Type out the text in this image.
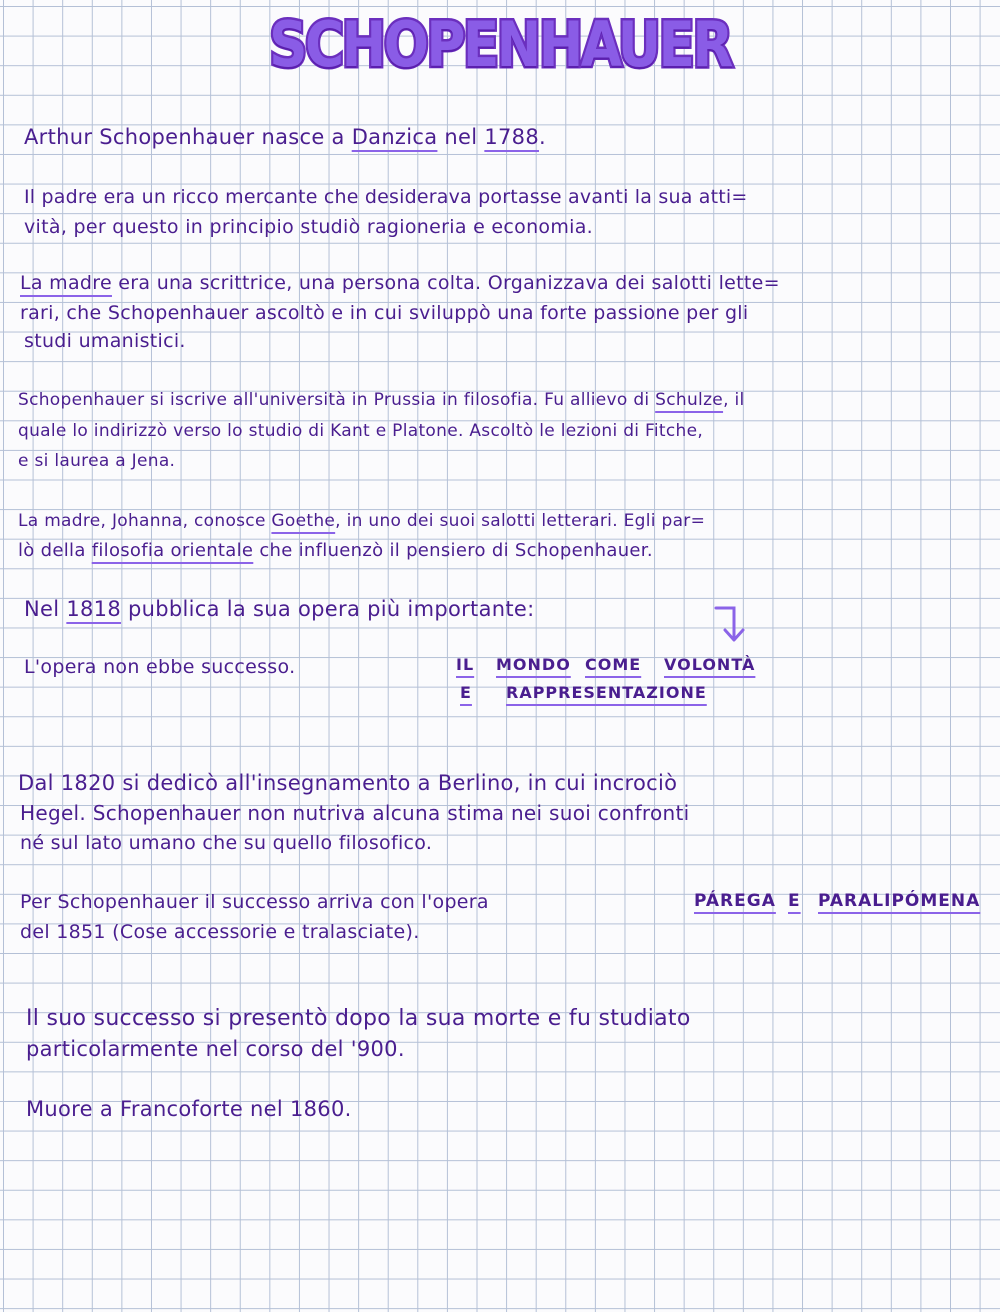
SCHOPENHAUER
Arthur Schopenhauer nasce a Danzica nel 1788.
Il padre era un ricco mercante che desiderava portasse avanti la sua atti=
vità, per questo in principio studiò ragioneria e economia.
La madre era una scrittrice, una persona colta. Organizzava dei salotti lette=
rari, che Schopenhauer ascoltò e in cui sviluppò una forte passione per gli
studi umanistici.
Schopenhauer si iscrive all'università in Prussia in filosofia. Fu allievo di Schulze, il
quale lo indirizzò verso lo studio di Kant e Platone. Ascoltò le lezioni di Fitche,
e si laurea a Jena.
La madre, Johanna, conosce Goethe, in uno dei suoi salotti letterari. Egli par=
lò della filosofia orientale che influenzò il pensiero di Schopenhauer.
Nel 1818 pubblica la sua opera più importante:
L'opera non ebbe successo.	IL MONDO COME VOLONTÀ
E RAPPRESENTAZIONE
Dal 1820 si dedicò all'insegnamento a Berlino, in cui incrociò
Hegel. Schopenhauer non nutriva alcuna stima nei suoi confronti
né sul lato umano che su quello filosofico.
Per Schopenhauer il successo arriva con l'opera	PÁREGA E PARALIPÓMENA
del 1851 (Cose accessorie e tralasciate).
Il suo successo si presentò dopo la sua morte e fu studiato
particolarmente nel corso del '900.
Muore a Francoforte nel 1860.
